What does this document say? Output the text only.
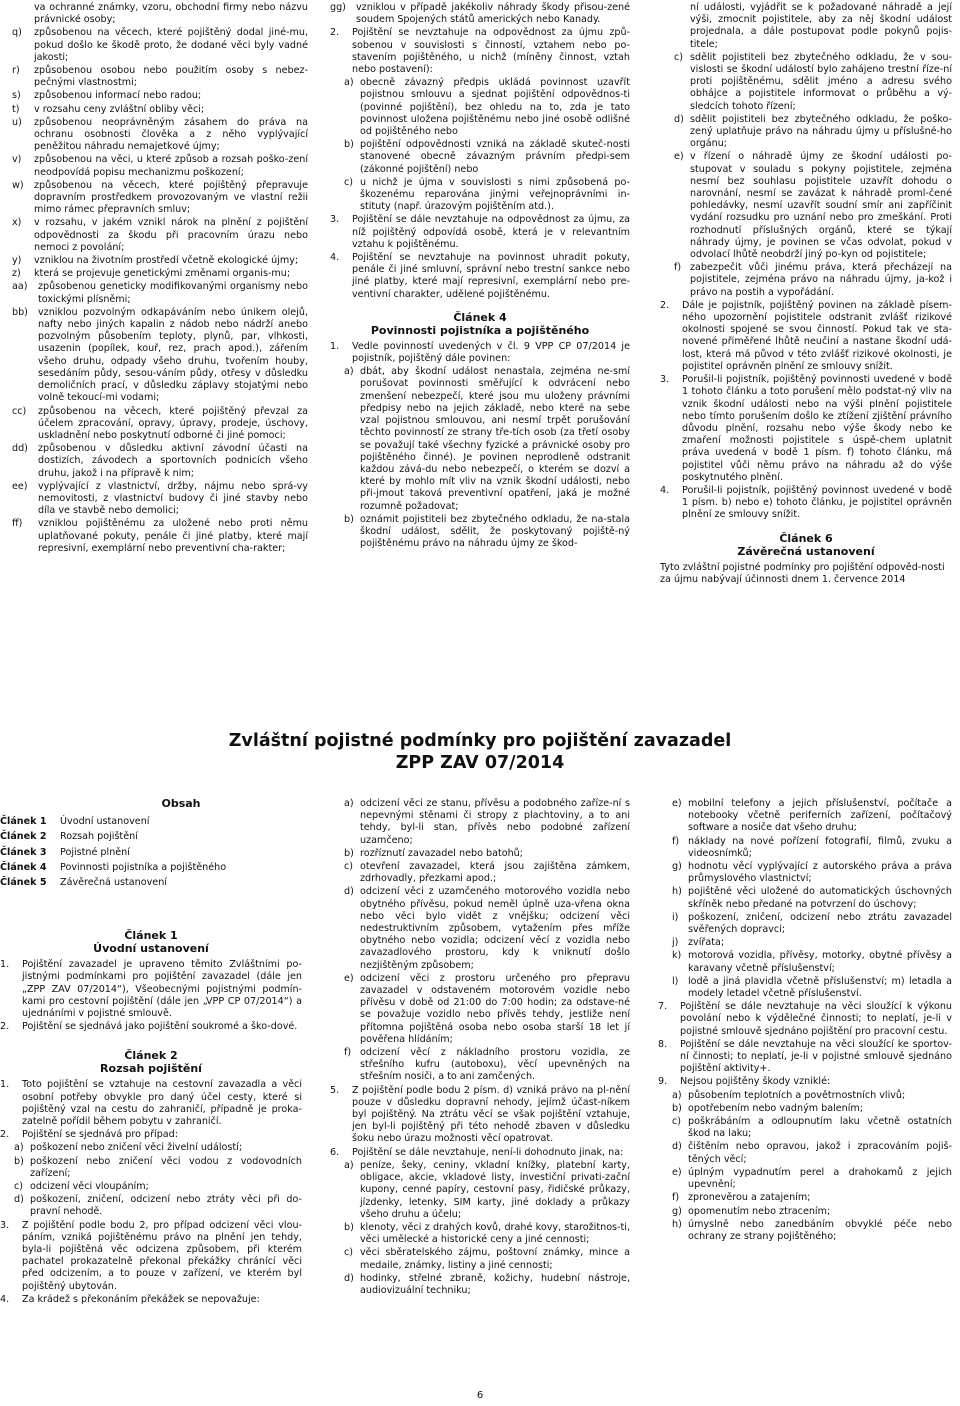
va ochranné známky, vzoru, obchodní firmy nebo názvu právnické osoby;
q)	způsobenou na věcech, které pojištěný dodal jiné-mu, pokud došlo ke škodě proto, že dodané věci byly vadné jakosti;
r)	způsobenou osobou nebo použitím osoby s nebez-pečnými vlastnostmi;
s)	způsobenou informací nebo radou;
t)	v rozsahu ceny zvláštní obliby věci;
u)	způsobenou neoprávněným zásahem do práva na ochranu osobnosti člověka a z něho vyplývající peněžitou náhradu nemajetkové újmy;
v)	způsobenou na věci, u které způsob a rozsah poško-zení neodpovídá popisu mechanizmu poškození;
w)	způsobenou na věcech, které pojištěný přepravuje dopravním prostředkem provozovaným ve vlastní režii mimo rámec přepravních smluv;
x)	v rozsahu, v jakém vznikl nárok na plnění z pojištění odpovědnosti za škodu při pracovním úrazu nebo nemoci z povolání;
y)	vzniklou na životním prostředí včetně ekologické újmy;
z)	která se projevuje genetickými změnami organis-mu;
aa)	způsobenou geneticky modifikovanými organismy nebo toxickými plísněmi;
bb)	vzniklou pozvolným odkapáváním nebo únikem olejů, nafty nebo jiných kapalin z nádob nebo nádrží anebo pozvolným působením teploty, plynů, par, vlhkosti, usazenin (popílek, kouř, rez, prach apod.), zářením všeho druhu, odpady všeho druhu, tvořením houby, sesedáním půdy, sesou-váním půdy, otřesy v důsledku demoličních prací, v důsledku záplavy stojatými nebo volně tekoucí-mi vodami;
cc)	způsobenou na věcech, které pojištěný převzal za účelem zpracování, opravy, úpravy, prodeje, úschovy, uskladnění nebo poskytnutí odborné či jiné pomoci;
dd)	způsobenou v důsledku aktivní závodní účasti na dostizích, závodech a sportovních podnicích všeho druhu, jakož i na přípravě k nim;
ee)	vyplývající z vlastnictví, držby, nájmu nebo sprá-vy nemovitosti, z vlastnictví budovy či jiné stavby nebo díla ve stavbě nebo demolici;
ff)	vzniklou pojištěnému za uložené nebo proti němu uplatňované pokuty, penále či jiné platby, které mají represivní, exemplární nebo preventivní cha-rakter;
gg)	vzniklou v případě jakékoliv náhrady škody přisou-zené soudem Spojených států amerických nebo Kanady.
2.	Pojištění se nevztahuje na odpovědnost za újmu způ-sobenou v souvislosti s činností, vztahem nebo po-stavením pojištěného, u nichž (míněny činnost, vztah nebo postavení):
a) obecně závazný předpis ukládá povinnost uzavřít pojistnou smlouvu a sjednat pojištění odpovědnos-ti (povinné pojištění), bez ohledu na to, zda je tato povinnost uložena pojištěnému nebo jiné osobě odlišné od pojištěného nebo
b) pojištění odpovědnosti vzniká na základě skuteč-nosti stanovené obecně závazným právním předpi-sem (zákonné pojištění) nebo
c) u nichž je újma v souvislosti s nimi způsobená po-škozenému reparována jinými veřejnoprávními in-stituty (např. úrazovým pojištěním atd.).
3.	Pojištění se dále nevztahuje na odpovědnost za újmu, za níž pojištěný odpovídá osobě, která je v relevantním vztahu k pojištěnému.
4.	Pojištění se nevztahuje na povinnost uhradit pokuty, penále či jiné smluvní, správní nebo trestní sankce nebo jiné platby, které mají represivní, exemplární nebo pre-ventivní charakter, udělené pojištěnému.
Článek 4
Povinnosti pojistníka a pojištěného
1.	Vedle povinností uvedených v čl. 9 VPP CP 07/2014 je pojistník, pojištěný dále povinen:
a) dbát, aby škodní událost nenastala, zejména ne-smí porušovat povinnosti směřující k odvrácení nebo zmenšení nebezpečí, které jsou mu uloženy právními předpisy nebo na jejich základě, nebo které na sebe vzal pojistnou smlouvou, ani nesmí trpět porušování těchto povinností ze strany tře-tích osob (za třetí osoby se považují také všechny fyzické a právnické osoby pro pojištěného činné). Je povinen neprodleně odstranit každou zává-du nebo nebezpečí, o kterém se dozví a které by mohlo mít vliv na vznik škodní události, nebo při-jmout taková preventivní opatření, jaká je možné rozumně požadovat;
b) oznámit pojistiteli bez zbytečného odkladu, že na-stala škodní událost, sdělit, že poskytovaný pojiště-ný pojištěnému právo na náhradu újmy ze škod-
ní události, vyjádřit se k požadované náhradě a její výši, zmocnit pojistitele, aby za něj škodní událost projednala, a dále postupovat podle pokynů pojis-titele;
c) sdělit pojistiteli bez zbytečného odkladu, že v sou-vislosti se škodní událostí bylo zahájeno trestní říze-ní proti pojištěnému, sdělit jméno a adresu svého obhájce a pojistitele informovat o průběhu a vý-sledcích tohoto řízení;
d) sdělit pojistiteli bez zbytečného odkladu, že poško-zený uplatňuje právo na náhradu újmy u příslušné-ho orgánu;
e) v řízení o náhradě újmy ze škodní události po-stupovat v souladu s pokyny pojistitele, zejména nesmí bez souhlasu pojistitele uzavřít dohodu o narovnání, nesmí se zavázat k náhradě proml-čené pohledávky, nesmí uzavřít soudní smír ani zapříčinit vydání rozsudku pro uznání nebo pro zmeškání. Proti rozhodnutí příslušných orgánů, které se týkají náhrady újmy, je povinen se včas odvolat, pokud v odvolací lhůtě neobdrží jiný po-kyn od pojistitele;
f) zabezpečit vůči jinému práva, která přecházejí na pojistitele, zejména právo na náhradu újmy, ja-kož i právo na postih a vypořádání.
2.	Dále je pojistník, pojištěný povinen na základě písem-ného upozornění pojistitele odstranit zvlášť rizikové okolnosti spojené se svou činností. Pokud tak ve sta-novené přiměřené lhůtě neučiní a nastane škodní udá-lost, která má původ v této zvlášť rizikové okolnosti, je pojistitel oprávněn plnění ze smlouvy snížit.
3.	Porušil-li pojistník, pojištěný povinnosti uvedené v bodě 1 tohoto článku a toto porušení mělo podstat-ný vliv na vznik škodní události nebo na výši plnění pojistitele nebo tímto porušením došlo ke ztížení zjištění právního důvodu plnění, rozsahu nebo výše škody nebo ke zmaření možnosti pojistitele s úspě-chem uplatnit práva uvedená v bodě 1 písm. f) tohoto článku, má pojistitel vůči němu právo na náhradu až do výše poskytnutého plnění.
4.	Porušil-li pojistník, pojištěný povinnost uvedené v bodě 1 písm. b) nebo e) tohoto článku, je pojistitel oprávněn plnění ze smlouvy snížit.
Článek 6
Závěrečná ustanovení

Tyto zvláštní pojistné podmínky pro pojištění odpověd-nosti za újmu nabývají účinnosti dnem 1. července 2014

Zvláštní pojistné podmínky pro pojištění zavazadel
ZPP ZAV 07/2014
Obsah
Článek 1	Úvodní ustanovení
Článek 2	Rozsah pojištění
Článek 3	Pojistné plnění
Článek 4	Povinnosti pojistníka a pojištěného
Článek 5	Závěrečná ustanovení
Článek 1
Úvodní ustanovení
1.	Pojištění zavazadel je upraveno těmito Zvláštními po-jistnými podmínkami pro pojištění zavazadel (dále jen „ZPP ZAV 07/2014“), Všeobecnými pojistnými podmín-kami pro cestovní pojištění (dále jen „VPP CP 07/2014“) a ujednáními v pojistné smlouvě.
2.	Pojištění se sjednává jako pojištění soukromé a ško-dové.
Článek 2
Rozsah pojištění
1.	Toto pojištění se vztahuje na cestovní zavazadla a věci osobní potřeby obvykle pro daný účel cesty, které si pojištěný vzal na cestu do zahraničí, případně je proka-zatelně pořídil během pobytu v zahraničí.
2.	Pojištění se sjednává pro případ:
a) poškození nebo zničení věci živelní událostí;
b) poškození nebo zničení věci vodou z vodovodních zařízení;
c) odcizení věci vloupáním;
d) poškození, zničení, odcizení nebo ztráty věci při do-pravní nehodě.
3.	Z pojištění podle bodu 2, pro případ odcizení věci vlou-páním, vzniká pojištěnému právo na plnění jen tehdy, byla-li pojištěná věc odcizena způsobem, při kterém pachatel prokazatelně překonal překážky chránící věci před odcizením, a to pouze v zařízení, ve kterém byl pojištěný ubytován.
4.	Za krádež s překonáním překážek se nepovažuje:
a) odcizení věci ze stanu, přívěsu a podobného zaříze-ní s nepevnými stěnami či stropy z plachtoviny, a to ani tehdy, byl-li stan, přívěs nebo podobné zařízení uzamčeno;
b) rozříznutí zavazadel nebo batohů;
c) otevření zavazadel, která jsou zajištěna zámkem, zdrhovadly, přezkami apod.;
d) odcizení věci z uzamčeného motorového vozidla nebo obytného přívěsu, pokud neměl úplně uza-vřena okna nebo věci bylo vidět z vnějšku; odcizení věci nedestruktivním způsobem, vytažením přes mříže obytného nebo vozidla; odcizení věcí z vozidla nebo zavazadlového prostoru, kdy k vniknutí došlo nezjištěným způsobem;
e) odcizení věci z prostoru určeného pro přepravu zavazadel v odstaveném motorovém vozidle nebo přívěsu v době od 21:00 do 7:00 hodin; za odstave-né se považuje vozidlo nebo přívěs tehdy, jestliže není přítomna pojištěná osoba nebo osoba starší 18 let jí pověřena hlídáním;
f) odcizení věcí z nákladního prostoru vozidla, ze střešního kufru (autoboxu), věcí upevněných na střešním nosiči, a to ani zamčených.
5.	Z pojištění podle bodu 2 písm. d) vzniká právo na pl-nění pouze v důsledku dopravní nehody, jejímž účast-níkem byl pojištěný. Na ztrátu věcí se však pojištění vztahuje, jen byl-li pojištěný při této nehodě zbaven v důsledku šoku nebo úrazu možnosti věcí opatrovat.
6.	Pojištění se dále nevztahuje, není-li dohodnuto jinak, na:
a) peníze, šeky, ceniny, vkladní knížky, platební karty, obligace, akcie, vkladové listy, investiční privati-zační kupony, cenné papíry, cestovní pasy, řidičské průkazy, jízdenky, letenky, SIM karty, jiné doklady a průkazy všeho druhu a účelu;
b) klenoty, věci z drahých kovů, drahé kovy, starožitnos-ti, věci umělecké a historické ceny a jiné cennosti;
c) věci sběratelského zájmu, poštovní známky, mince a medaile, známky, listiny a jiné cennosti;
d) hodinky, střelné zbraně, kožichy, hudební nástroje, audiovizuální techniku;
e) mobilní telefony a jejich příslušenství, počítače a notebooky včetně periferních zařízení, počítačový software a nosiče dat všeho druhu;
f) náklady na nové pořízení fotografií, filmů, zvuku a videosnímků;
g) hodnotu věcí vyplývající z autorského práva a práva průmyslového vlastnictví;
h) pojištěné věci uložené do automatických úschovných skříněk nebo předané na potvrzení do úschovy;
i) poškození, zničení, odcizení nebo ztrátu zavazadel svěřených dopravci;
j) zvířata;
k) motorová vozidla, přívěsy, motorky, obytné přívěsy a karavany včetně příslušenství;
l) lodě a jiná plavidla včetně příslušenství; m) letadla a modely letadel včetně příslušenství.
7.	Pojištění se dále nevztahuje na věci sloužící k výkonu povolání nebo k výdělečné činnosti; to neplatí, je-li v pojistné smlouvě sjednáno pojištění pro pracovní cestu.
8.	Pojištění se dále nevztahuje na věci sloužící ke sportov-ní činnosti; to neplatí, je-li v pojistné smlouvě sjednáno pojištění aktivity+.
9.	Nejsou pojištěny škody vzniklé:
a) působením teplotních a povětrnostních vlivů;
b) opotřebením nebo vadným balením;
c) poškrábáním a odloupnutím laku včetně ostatních škod na laku;
d) čištěním nebo opravou, jakož i zpracováním pojiš-těných věcí;
e) úplným vypadnutím perel a drahokamů z jejich upevnění;
f) zpronevěrou a zatajením;
g) opomenutím nebo ztracením;
h) úmyslně nebo zanedbáním obvyklé péče nebo ochrany ze strany pojištěného;
6
